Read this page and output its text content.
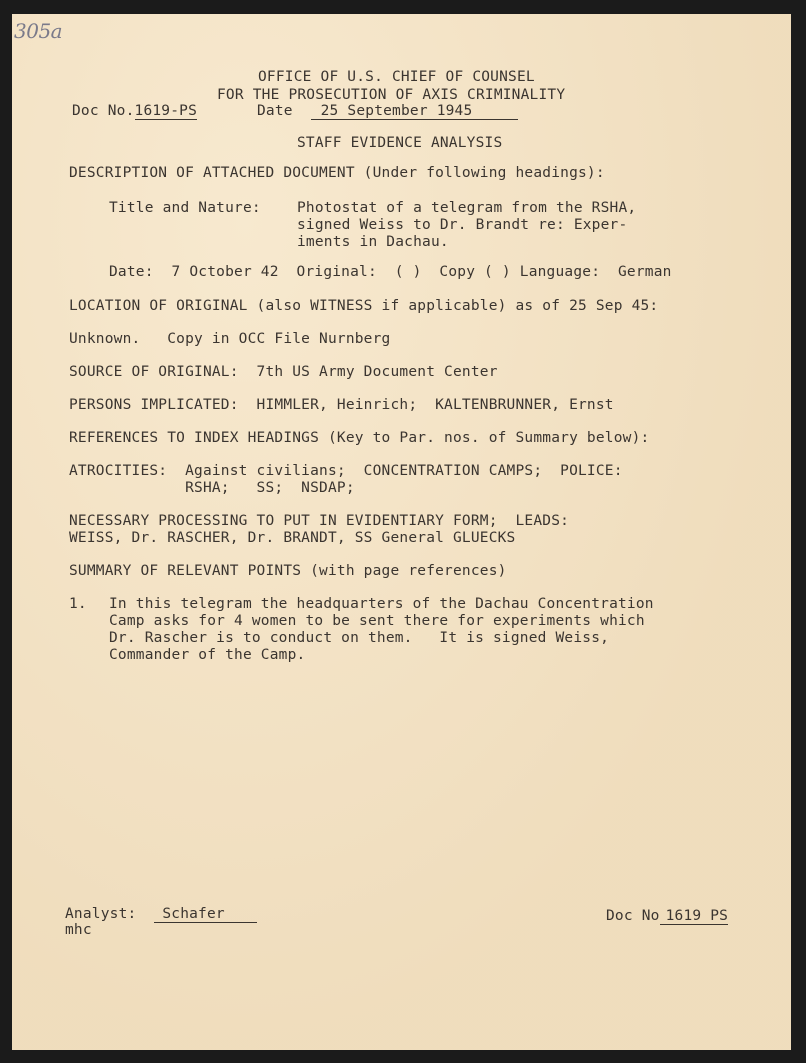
305a
OFFICE OF U.S. CHIEF OF COUNSEL
FOR THE PROSECUTION OF AXIS CRIMINALITY
Doc No.1619-PS	Date 25 September 1945
STAFF EVIDENCE ANALYSIS
DESCRIPTION OF ATTACHED DOCUMENT (Under following headings):
Title and Nature: Photostat of a telegram from the RSHA,
signed Weiss to Dr. Brandt re: Exper-
iments in Dachau.
Date:  7 October 42  Original:  ( )  Copy ( ) Language:  German
LOCATION OF ORIGINAL (also WITNESS if applicable) as of 25 Sep 45:
Unknown.   Copy in OCC File Nurnberg
SOURCE OF ORIGINAL:  7th US Army Document Center
PERSONS IMPLICATED:  HIMMLER, Heinrich;  KALTENBRUNNER, Ernst
REFERENCES TO INDEX HEADINGS (Key to Par. nos. of Summary below):
ATROCITIES:  Against civilians;  CONCENTRATION CAMPS;  POLICE:
RSHA;   SS;  NSDAP;
NECESSARY PROCESSING TO PUT IN EVIDENTIARY FORM;  LEADS:
WEISS, Dr. RASCHER, Dr. BRANDT, SS General GLUECKS
SUMMARY OF RELEVANT POINTS (with page references)
1. In this telegram the headquarters of the Dachau Concentration
Camp asks for 4 women to be sent there for experiments which
Dr. Rascher is to conduct on them.   It is signed Weiss,
Commander of the Camp.
Analyst: Schafer
mhc
Doc No 1619 PS
